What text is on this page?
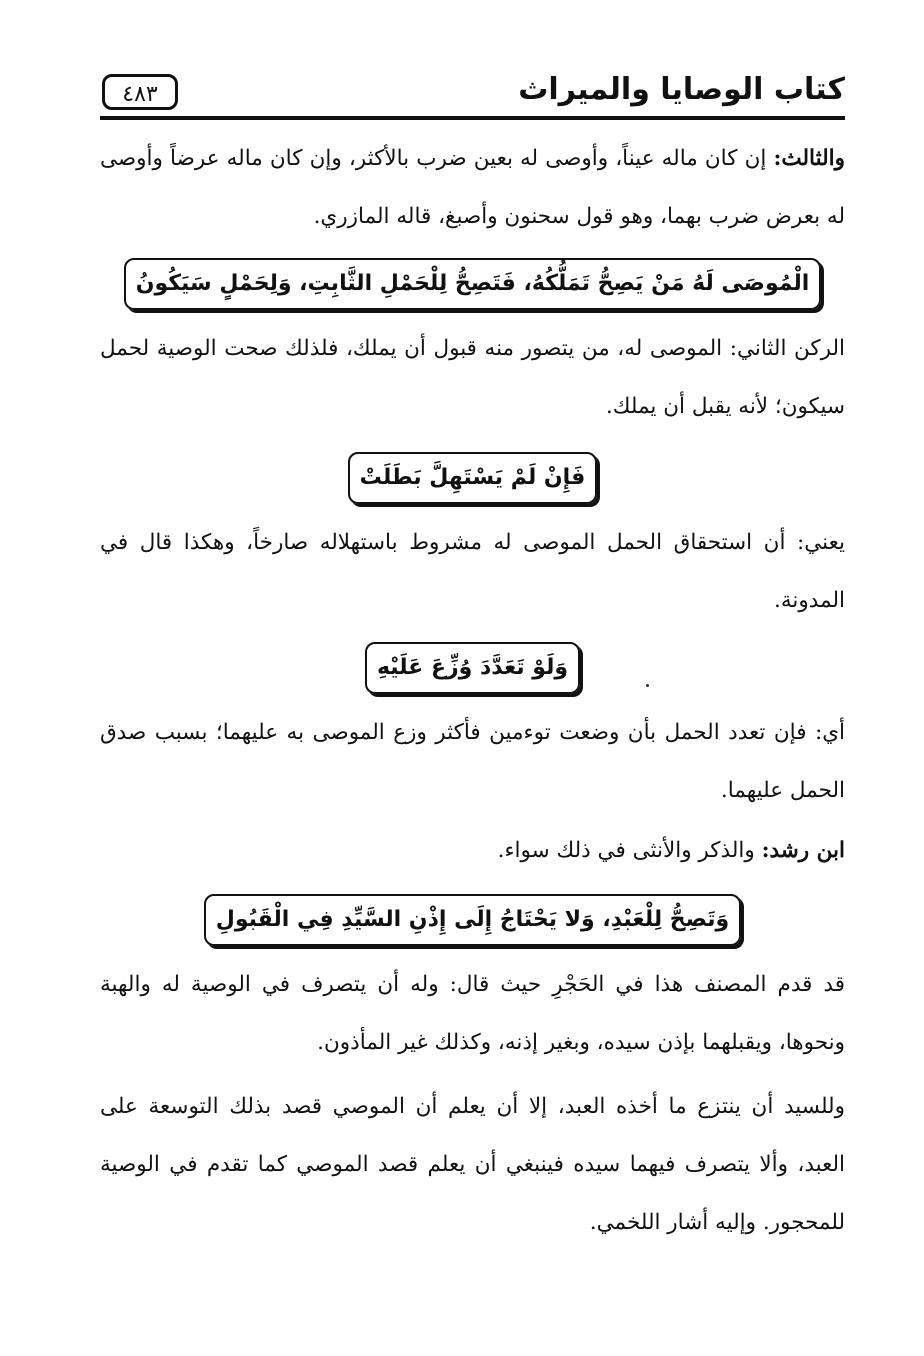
كتاب الوصايا والميراث
٤٨٣
والثالث: إن كان ماله عيناً، وأوصى له بعين ضرب بالأكثر، وإن كان ماله عرضاً وأوصى له بعرض ضرب بهما، وهو قول سحنون وأصبغ، قاله المازري.
الْمُوصَى لَهُ مَنْ يَصِحُّ تَمَلُّكُهُ، فَتَصِحُّ لِلْحَمْلِ الثَّابِتِ، وَلِحَمْلٍ سَيَكُونُ
الركن الثاني: الموصى له، من يتصور منه قبول أن يملك، فلذلك صحت الوصية لحمل سيكون؛ لأنه يقبل أن يملك.
فَإِنْ لَمْ يَسْتَهِلَّ بَطَلَتْ
يعني: أن استحقاق الحمل الموصى له مشروط باستهلاله صارخاً، وهكذا قال في المدونة.
وَلَوْ تَعَدَّدَ وُزِّعَ عَلَيْهِ
أي: فإن تعدد الحمل بأن وضعت توءمين فأكثر وزع الموصى به عليهما؛ بسبب صدق الحمل عليهما.
ابن رشد: والذكر والأنثى في ذلك سواء.
وَتَصِحُّ لِلْعَبْدِ، وَلا يَحْتَاجُ إِلَى إِذْنِ السَّيِّدِ فِي الْقَبُولِ
قد قدم المصنف هذا في الحَجْرِ حيث قال: وله أن يتصرف في الوصية له والهبة ونحوها، ويقبلهما بإذن سيده، وبغير إذنه، وكذلك غير المأذون.
وللسيد أن ينتزع ما أخذه العبد، إلا أن يعلم أن الموصي قصد بذلك التوسعة على العبد، وألا يتصرف فيهما سيده فينبغي أن يعلم قصد الموصي كما تقدم في الوصية للمحجور. وإليه أشار اللخمي.
